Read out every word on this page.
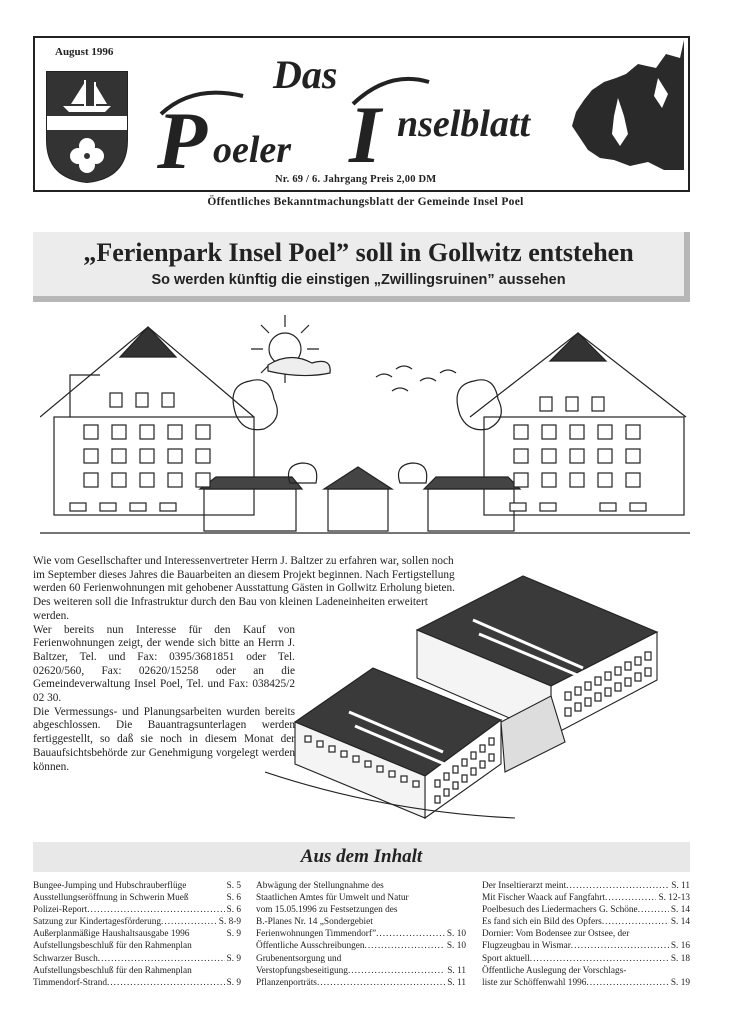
August 1996	Das
P oeler I nselblatt
Nr. 69 / 6. Jahrgang Preis 2,00 DM
Öffentliches Bekanntmachungsblatt der Gemeinde Insel Poel
„Ferienpark Insel Poel” soll in Gollwitz entstehen
So werden künftig die einstigen „Zwillingsruinen” aussehen

Wie vom Gesellschafter und Interessenvertreter Herrn J. Baltzer zu erfahren war, sollen noch im September dieses Jahres die Bauarbeiten an diesem Projekt beginnen. Nach Fertigstellung werden 60 Ferienwohnungen mit gehobener Ausstattung Gästen in Gollwitz Erholung bieten. Des weiteren soll die Infrastruktur durch den Bau von kleinen Ladeneinheiten erweitert werden.

Wer bereits nun Interesse für den Kauf von Ferienwohnungen zeigt, der wende sich bitte an Herrn J. Baltzer, Tel. und Fax: 0395/3681851 oder Tel. 02620/560, Fax: 02620/15258 oder an die Gemeindeverwaltung Insel Poel, Tel. und Fax: 038425/2 02 30.

Die Vermessungs- und Planungsarbeiten wurden bereits abgeschlossen. Die Bauantragsunterlagen werden fertiggestellt, so daß sie noch in diesem Monat der Bauaufsichtsbehörde zur Genehmigung vorgelegt werden können.

Aus dem Inhalt
Bungee-Jumping und Hubschrauberflüge	S. 5
Ausstellungseröffnung in Schwerin Mueß	S. 6
Polizei-Report .....	S. 6
Satzung zur Kindertagesförderung .....	S. 8-9
Außerplanmäßige Haushaltsausgabe 1996	S. 9
Aufstellungsbeschluß für den Rahmenplan
Schwarzer Busch .....	S. 9
Aufstellungsbeschluß für den Rahmenplan
Timmendorf-Strand .....	S. 9
Abwägung der Stellungnahme des
Staatlichen Amtes für Umwelt und Natur
vom 15.05.1996 zu Festsetzungen des
B.-Planes Nr. 14 „Sondergebiet
Ferienwohnungen Timmendorf” .....	S. 10
Öffentliche Ausschreibungen .....	S. 10
Grubenentsorgung und
Verstopfungsbeseitigung .....	S. 11
Pflanzenporträts .....	S. 11
Der Inseltierarzt meint .....	S. 11
Mit Fischer Waack auf Fangfahrt .....	S. 12-13
Poelbesuch des Liedermachers G. Schöne .....	S. 14
Es fand sich ein Bild des Opfers .....	S. 14
Dornier: Vom Bodensee zur Ostsee, der
Flugzeugbau in Wismar .....	S. 16
Sport aktuell .....	S. 18
Öffentliche Auslegung der Vorschlags-
liste zur Schöffenwahl 1996 .....	S. 19
